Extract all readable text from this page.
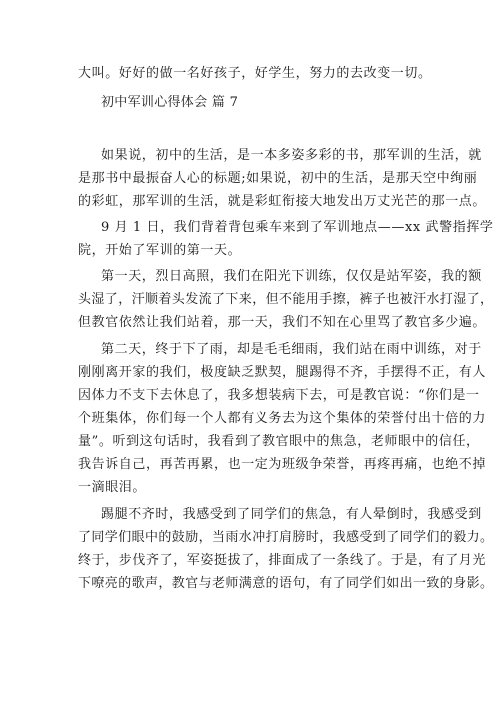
大叫。好好的做一名好孩子，好学生，努力的去改变一切。
初中军训心得体会 篇 7
如果说，初中的生活，是一本多姿多彩的书，那军训的生活，就
是那书中最振奋人心的标题;如果说，初中的生活，是那天空中绚丽
的彩虹，那军训的生活，就是彩虹衔接大地发出万丈光芒的那一点。
9 月 1 日，我们背着背包乘车来到了军训地点——xx 武警指挥学
院，开始了军训的第一天。
第一天，烈日高照，我们在阳光下训练，仅仅是站军姿，我的额
头湿了，汗顺着头发流了下来，但不能用手擦，裤子也被汗水打湿了，
但教官依然让我们站着，那一天，我们不知在心里骂了教官多少遍。
第二天，终于下了雨，却是毛毛细雨，我们站在雨中训练，对于
刚刚离开家的我们，极度缺乏默契，腿踢得不齐，手摆得不正，有人
因体力不支下去休息了，我多想装病下去，可是教官说：“你们是一
个班集体，你们每一个人都有义务去为这个集体的荣誉付出十倍的力
量”。听到这句话时，我看到了教官眼中的焦急，老师眼中的信任，
我告诉自己，再苦再累，也一定为班级争荣誉，再疼再痛，也绝不掉
一滴眼泪。
踢腿不齐时，我感受到了同学们的焦急，有人晕倒时，我感受到
了同学们眼中的鼓励，当雨水冲打肩膀时，我感受到了同学们的毅力。
终于，步伐齐了，军姿挺拔了，排面成了一条线了。于是，有了月光
下嘹亮的歌声，教官与老师满意的语句，有了同学们如出一致的身影。
